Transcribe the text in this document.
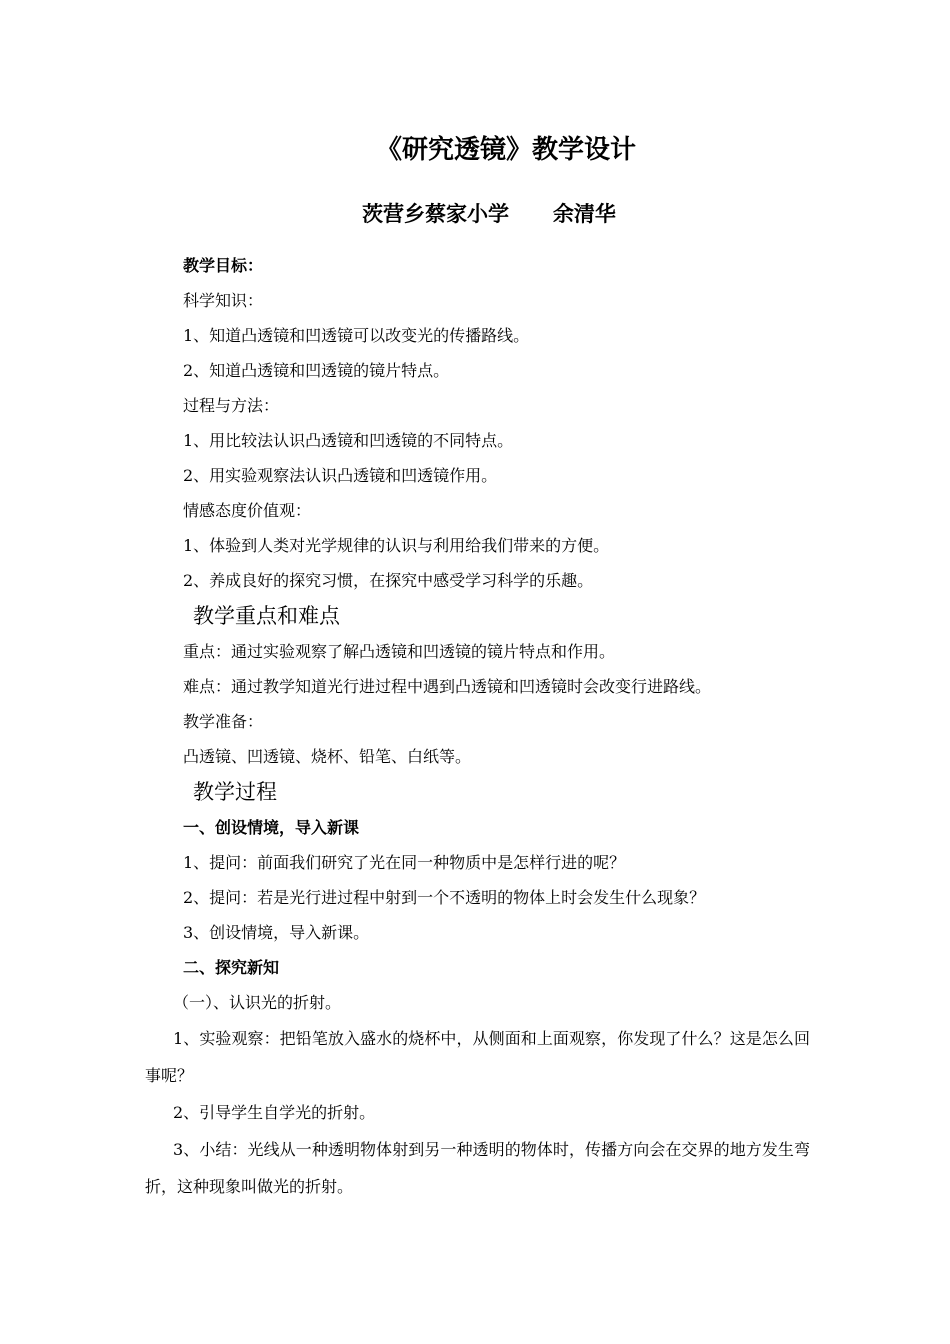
《研究透镜》教学设计
茨营乡蔡家小学      余清华
教学目标：
科学知识：
1、知道凸透镜和凹透镜可以改变光的传播路线。
2、知道凸透镜和凹透镜的镜片特点。
过程与方法：
1、用比较法认识凸透镜和凹透镜的不同特点。
2、用实验观察法认识凸透镜和凹透镜作用。
情感态度价值观：
1、体验到人类对光学规律的认识与利用给我们带来的方便。
2、养成良好的探究习惯，在探究中感受学习科学的乐趣。
教学重点和难点
重点：通过实验观察了解凸透镜和凹透镜的镜片特点和作用。
难点：通过教学知道光行进过程中遇到凸透镜和凹透镜时会改变行进路线。
教学准备：
凸透镜、凹透镜、烧杯、铅笔、白纸等。
教学过程
一、创设情境，导入新课
1、提问：前面我们研究了光在同一种物质中是怎样行进的呢？
2、提问：若是光行进过程中射到一个不透明的物体上时会发生什么现象？
3、创设情境，导入新课。
二、探究新知
（一）、认识光的折射。
1、实验观察：把铅笔放入盛水的烧杯中，从侧面和上面观察，你发现了什么？这是怎么回事呢？
2、引导学生自学光的折射。
3、小结：光线从一种透明物体射到另一种透明的物体时，传播方向会在交界的地方发生弯折，这种现象叫做光的折射。
